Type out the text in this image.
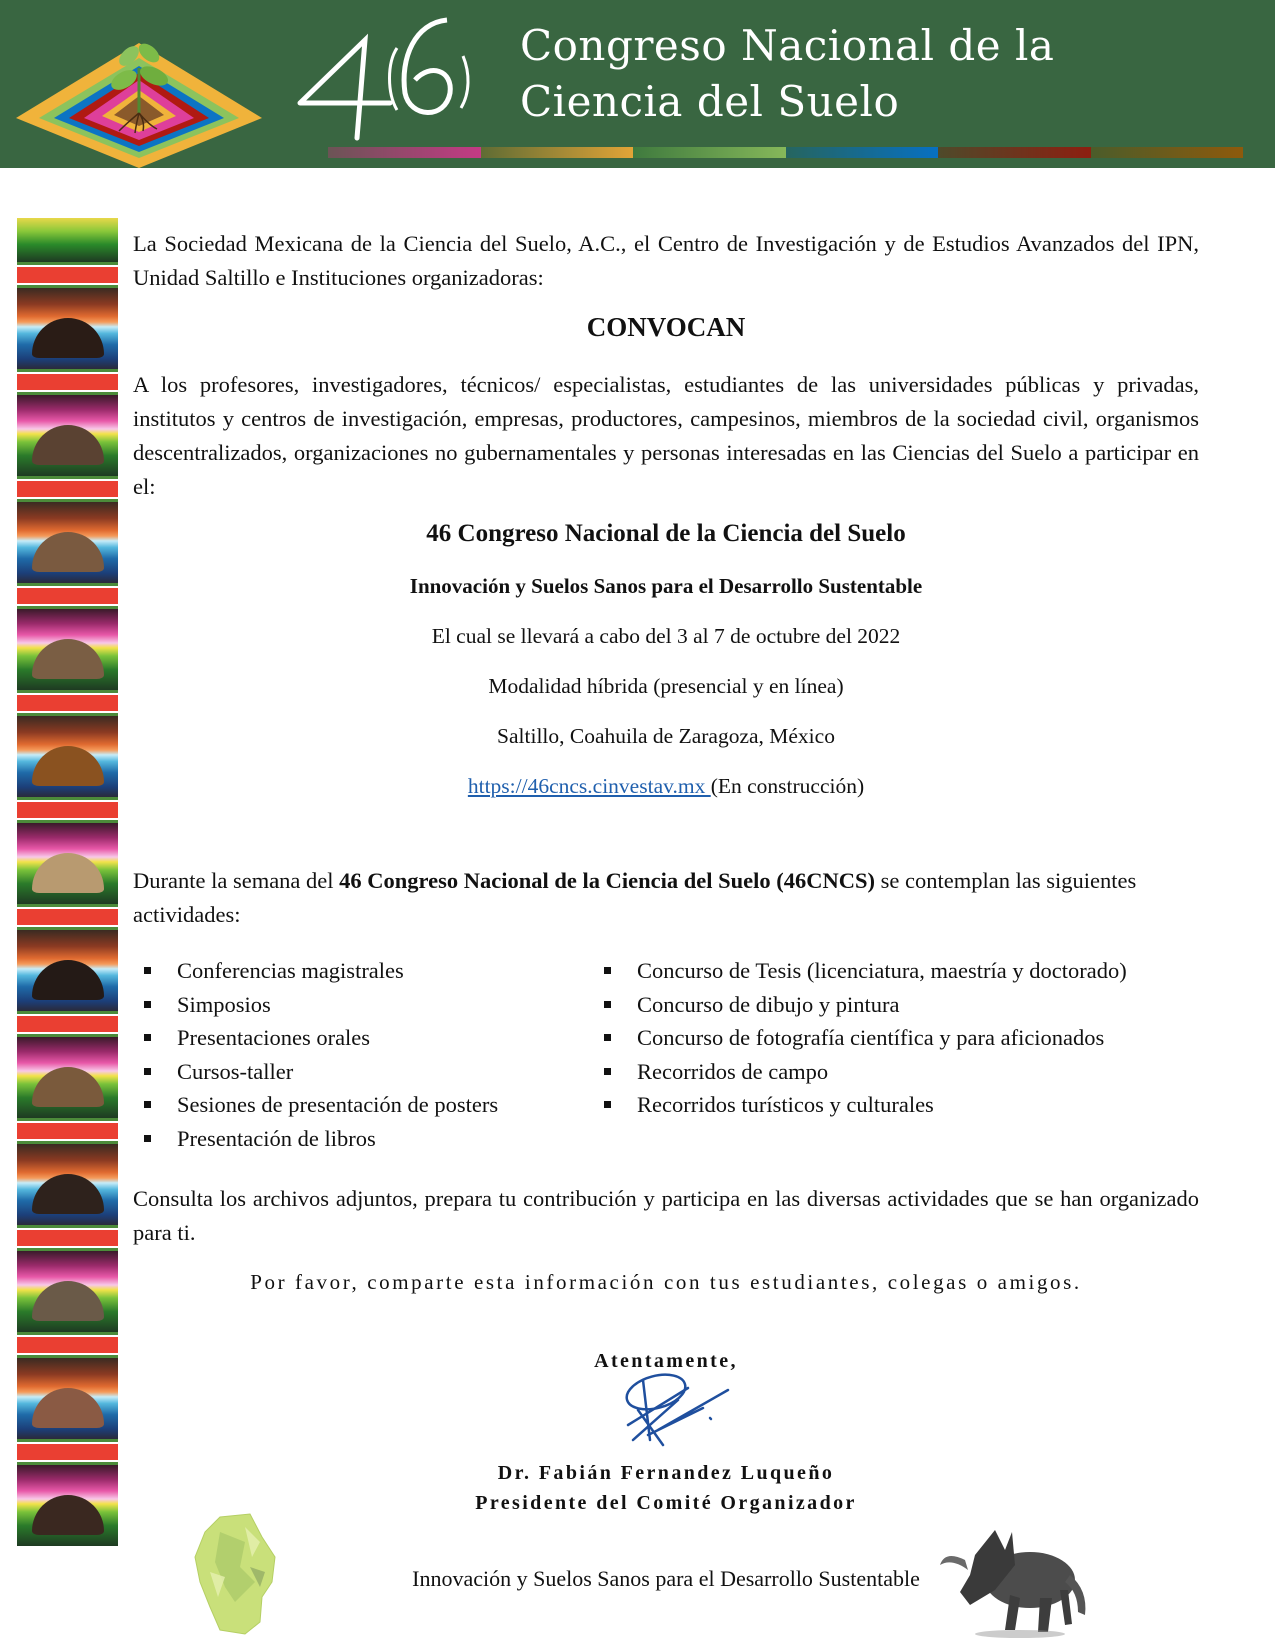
Congreso Nacional de la
Ciencia del Suelo

La Sociedad Mexicana de la Ciencia del Suelo, A.C., el Centro de Investigación y de Estudios Avanzados del IPN, Unidad Saltillo e Instituciones organizadoras:

CONVOCAN

A los profesores, investigadores, técnicos/ especialistas, estudiantes de las universidades públicas y privadas, institutos y centros de investigación, empresas, productores, campesinos, miembros de la sociedad civil, organismos descentralizados, organizaciones no gubernamentales y personas interesadas en las Ciencias del Suelo a participar en el:

46 Congreso Nacional de la Ciencia del Suelo

Innovación y Suelos Sanos para el Desarrollo Sustentable

El cual se llevará a cabo del 3 al 7 de octubre del 2022

Modalidad híbrida (presencial y en línea)

Saltillo, Coahuila de Zaragoza, México

https://46cncs.cinvestav.mx (En construcción)

Durante la semana del 46 Congreso Nacional de la Ciencia del Suelo (46CNCS) se contemplan las siguientes actividades:

Conferencias magistrales
Simposios
Presentaciones orales
Cursos-taller
Sesiones de presentación de posters
Presentación de libros
Concurso de Tesis (licenciatura, maestría y doctorado)
Concurso de dibujo y pintura
Concurso de fotografía científica y para aficionados
Recorridos de campo
Recorridos turísticos y culturales

Consulta los archivos adjuntos, prepara tu contribución y participa en las diversas actividades que se han organizado para ti.

Por favor, comparte esta información con tus estudiantes, colegas o amigos.

Atentamente,

Dr. Fabián Fernandez Luqueño

Presidente del Comité Organizador

Innovación y Suelos Sanos para el Desarrollo Sustentable
